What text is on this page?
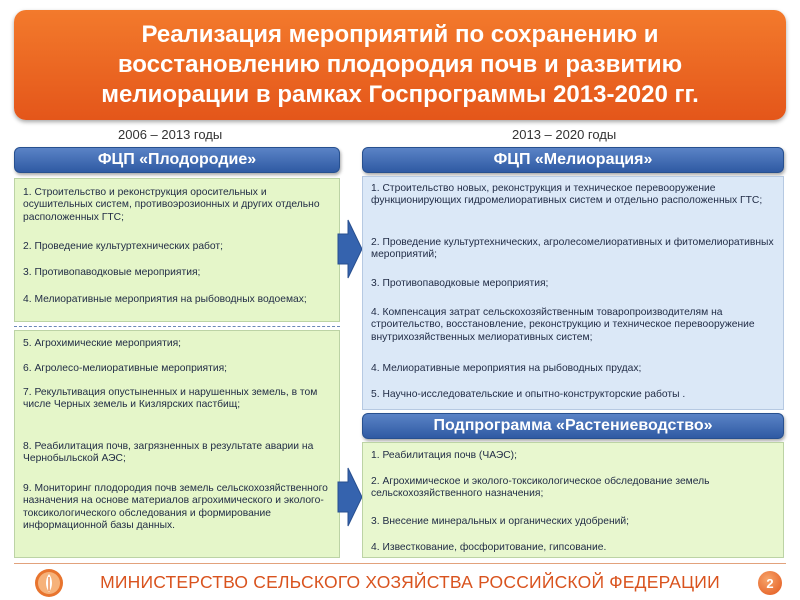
Реализация мероприятий по сохранению и восстановлению плодородия почв и развитию мелиорации в рамках Госпрограммы 2013-2020 гг.
2006 – 2013 годы	2013 – 2020 годы
ФЦП «Плодородие»
1. Строительство и реконструкция оросительных и осушительных систем, противоэрозионных и других отдельно расположенных ГТС;
2. Проведение культуртехнических работ;
3. Противопаводковые мероприятия;
4. Мелиоративные мероприятия на рыбоводных водоемах;
5. Агрохимические мероприятия;
6. Агролесо-мелиоративные мероприятия;
7. Рекультивация опустыненных и нарушенных земель, в том числе Черных земель и Кизлярских пастбищ;
8. Реабилитация почв, загрязненных в результате аварии на Чернобыльской АЭС;
9. Мониторинг плодородия почв земель сельскохозяйственного назначения на основе материалов агрохимического и эколого-токсикологического обследования и формирование информационной базы данных.
ФЦП «Мелиорация»
1. Строительство новых, реконструкция и техническое перевооружение функционирующих гидромелиоративных систем и отдельно расположенных ГТС;
2. Проведение культуртехнических, агролесомелиоративных и фитомелиоративных мероприятий;
3. Противопаводковые мероприятия;
4. Компенсация затрат сельскохозяйственным товаропроизводителям на строительство, восстановление, реконструкцию и техническое перевооружение внутрихозяйственных мелиоративных систем;
4. Мелиоративные мероприятия на рыбоводных прудах;
5. Научно-исследовательские и опытно-конструкторские работы .
Подпрограмма «Растениеводство»
1. Реабилитация почв (ЧАЭС);
2. Агрохимическое и эколого-токсикологическое обследование земель сельскохозяйственного назначения;
3. Внесение минеральных и органических удобрений;
4. Известкование, фосфоритование, гипсование.
МИНИСТЕРСТВО СЕЛЬСКОГО ХОЗЯЙСТВА РОССИЙСКОЙ ФЕДЕРАЦИИ	2
